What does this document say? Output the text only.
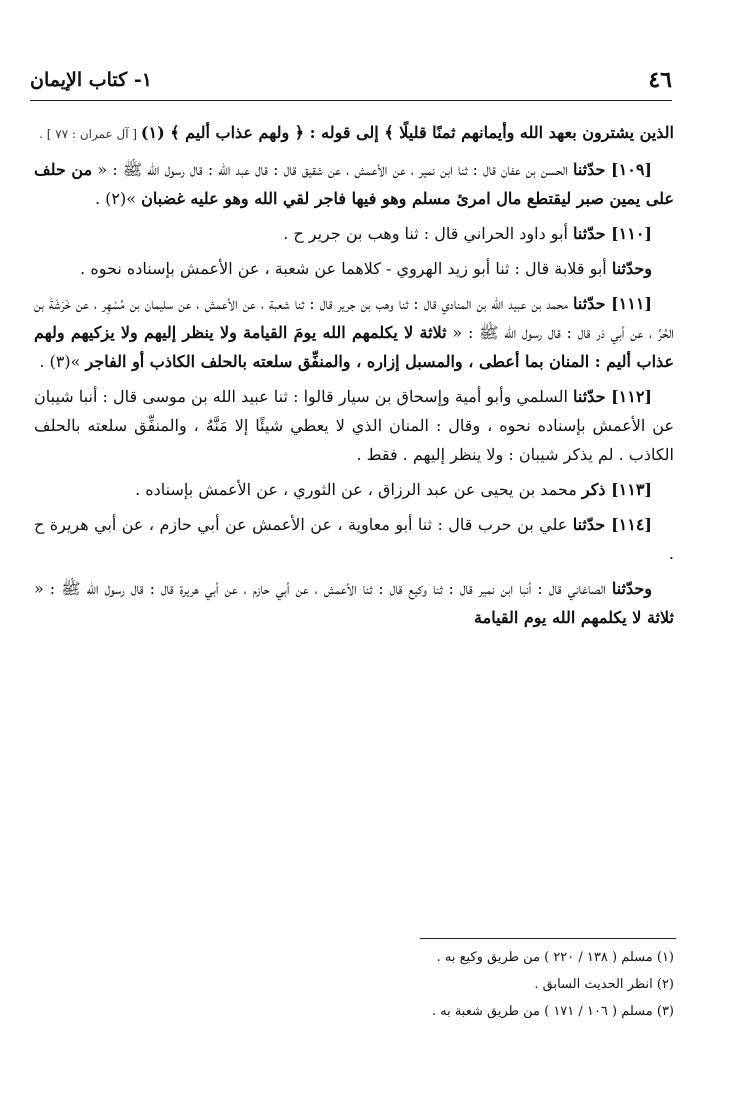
٤٦
١- كتاب الإيمان

الذين يشترون بعهد الله وأيمانهم ثمنًا قليلًا ﴾ إلى قوله : ﴿ ولهم عذاب أليم ﴾ (١) [ آل عمران : ٧٧ ] .

[١٠٩] حدّثنا الحسن بن عفان قال : ثنا ابن نمير ، عن الأعمش ، عن شقيق قال : قال عبد الله : قال رسول الله ﷺ : « من حلف على يمين صبر ليقتطع مال امرئ مسلم وهو فيها فاجر لقي الله وهو عليه غضبان »(٢) .

[١١٠] حدّثنا أبو داود الحراني قال : ثنا وهب بن جرير ح .

وحدّثنا أبو قلابة قال : ثنا أبو زيد الهروي - كلاهما عن شعبة ، عن الأعمش بإسناده نحوه .

[١١١] حدّثنا محمد بن عبيد الله بن المنادي قال : ثنا وهب بن جرير قال : ثنا شعبة ، عن الأعمش ، عن سليمان بن مُسْهِر ، عن خَرَشَةَ بن الحُرِّ ، عن أبي ذر قال : قال رسول الله ﷺ : « ثلاثة لا يكلمهم الله يومَ القيامة ولا ينظر إليهم ولا يزكيهم ولهم عذاب أليم : المنان بما أعطى ، والمسبل إزاره ، والمنفِّق سلعته بالحلف الكاذب أو الفاجر »(٣) .

[١١٢] حدّثنا السلمي وأبو أمية وإسحاق بن سيار قالوا : ثنا عبيد الله بن موسى قال : أنبا شيبان عن الأعمش بإسناده نحوه ، وقال : المنان الذي لا يعطي شيئًا إلا مَنَّهُ ، والمنفِّق سلعته بالحلف الكاذب . لم يذكر شيبان : ولا ينظر إليهم . فقط .

[١١٣] ذكر محمد بن يحيى عن عبد الرزاق ، عن الثوري ، عن الأعمش بإسناده .

[١١٤] حدّثنا علي بن حرب قال : ثنا أبو معاوية ، عن الأعمش عن أبي حازم ، عن أبي هريرة ح .

وحدّثنا الصاغاني قال : أنبا ابن نمير قال : ثنا وكيع قال : ثنا الأعمش ، عن أبي حازم ، عن أبي هريرة قال : قال رسول الله ﷺ : « ثلاثة لا يكلمهم الله يوم القيامة

(١) مسلم ( ١٣٨ / ٢٢٠ ) من طريق وكيع به .

(٢) انظر الحديث السابق .

(٣) مسلم ( ١٠٦ / ١٧١ ) من طريق شعبة به .
